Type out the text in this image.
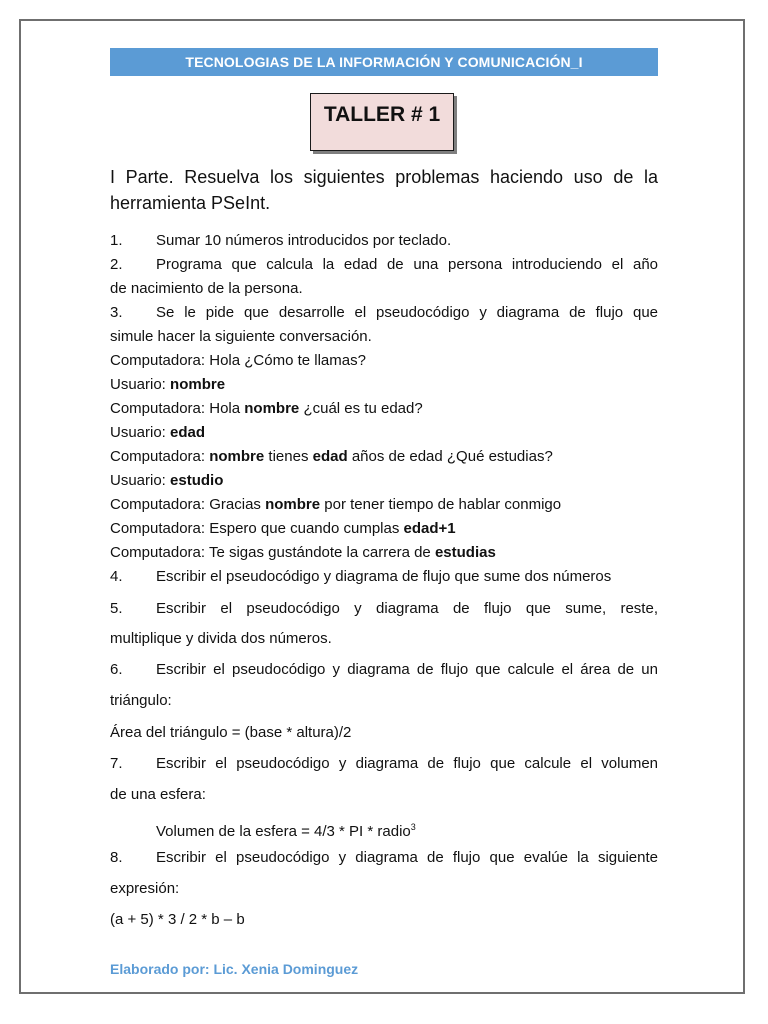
TECNOLOGIAS DE LA INFORMACIÓN Y COMUNICACIÓN_I
TALLER # 1
I Parte. Resuelva los siguientes problemas haciendo uso de la herramienta PSeInt.
1. Sumar 10 números introducidos por teclado.
2. Programa que calcula la edad de una persona introduciendo el año
de nacimiento de la persona.
3. Se le pide que desarrolle el pseudocódigo y diagrama de flujo que
simule hacer la siguiente conversación.
Computadora: Hola ¿Cómo te llamas?
Usuario: nombre
Computadora: Hola nombre ¿cuál es tu edad?
Usuario: edad
Computadora: nombre tienes edad años de edad ¿Qué estudias?
Usuario: estudio
Computadora: Gracias nombre por tener tiempo de hablar conmigo
Computadora: Espero que cuando cumplas edad+1
Computadora: Te sigas gustándote la carrera de estudias
4. Escribir el pseudocódigo y diagrama de flujo que sume dos números
5. Escribir el pseudocódigo y diagrama de flujo que sume, reste,
multiplique y divida dos números.
6. Escribir el pseudocódigo y diagrama de flujo que calcule el área de un
triángulo:
Área del triángulo = (base * altura)/2
7. Escribir el pseudocódigo y diagrama de flujo que calcule el volumen
de una esfera:
Volumen de la esfera = 4/3 * PI * radio$^3$
8. Escribir el pseudocódigo y diagrama de flujo que evalúe la siguiente
expresión:
(a + 5) * 3 / 2 * b – b
Elaborado por: Lic. Xenia Dominguez
